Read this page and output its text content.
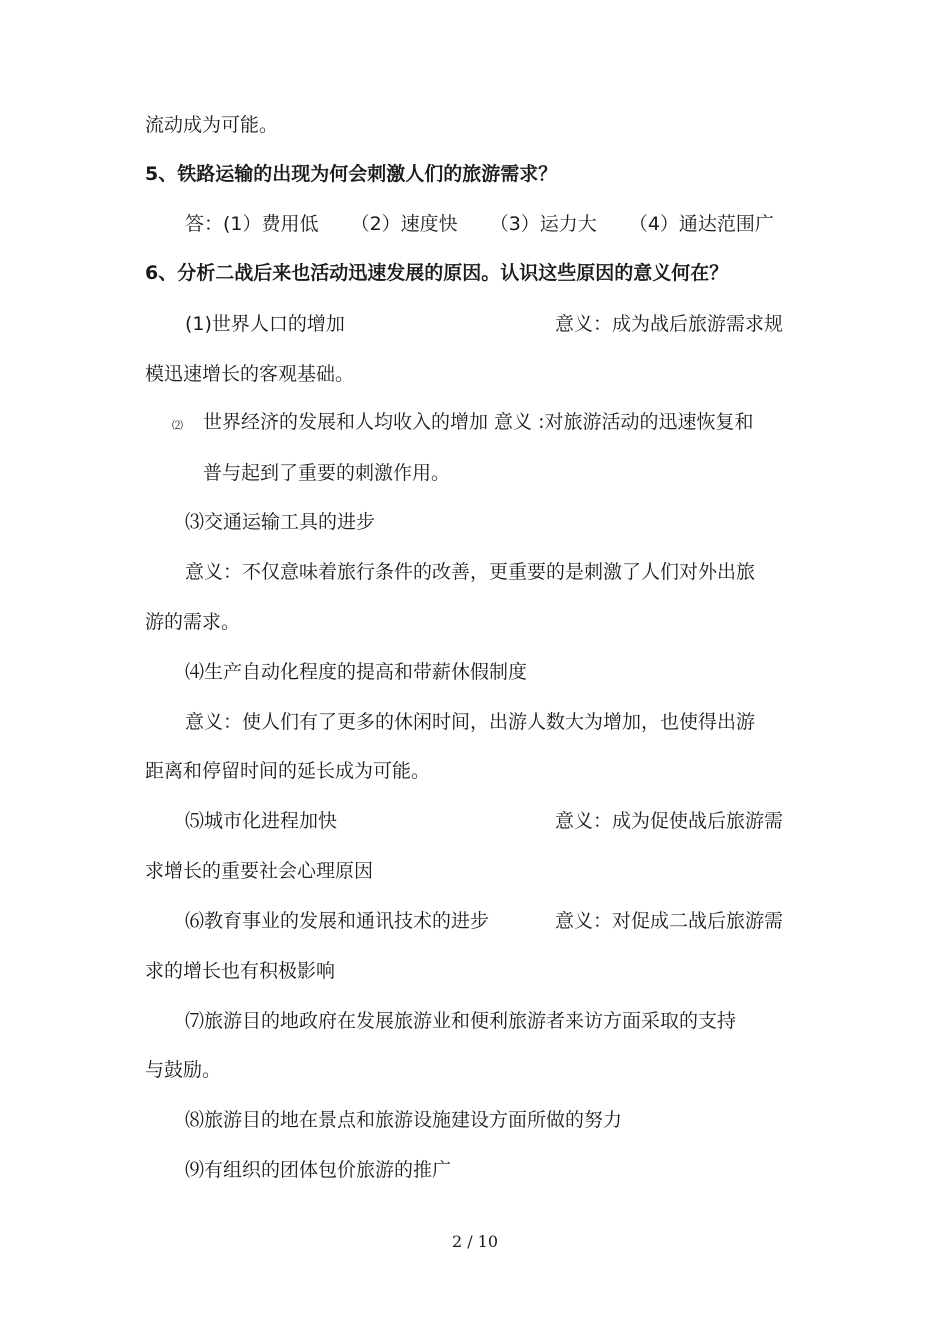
流动成为可能。
5、铁路运输的出现为何会刺激人们的旅游需求？
答：(1）费用低 （2）速度快 （3）运力大 （4）通达范围广
6、分析二战后来也活动迅速发展的原因。认识这些原因的意义何在？
(1)世界人口的增加	意义：成为战后旅游需求规
模迅速增长的客观基础。
⑵ 世界经济的发展和人均收入的增加 意义 :对旅游活动的迅速恢复和
普与起到了重要的刺激作用。
⑶交通运输工具的进步
意义：不仅意味着旅行条件的改善，更重要的是刺激了人们对外出旅
游的需求。
⑷生产自动化程度的提高和带薪休假制度
意义：使人们有了更多的休闲时间，出游人数大为增加，也使得出游
距离和停留时间的延长成为可能。
⑸城市化进程加快	意义：成为促使战后旅游需
求增长的重要社会心理原因
⑹教育事业的发展和通讯技术的进步	意义：对促成二战后旅游需
求的增长也有积极影响
⑺旅游目的地政府在发展旅游业和便利旅游者来访方面采取的支持
与鼓励。
⑻旅游目的地在景点和旅游设施建设方面所做的努力
⑼有组织的团体包价旅游的推广
2 / 10
